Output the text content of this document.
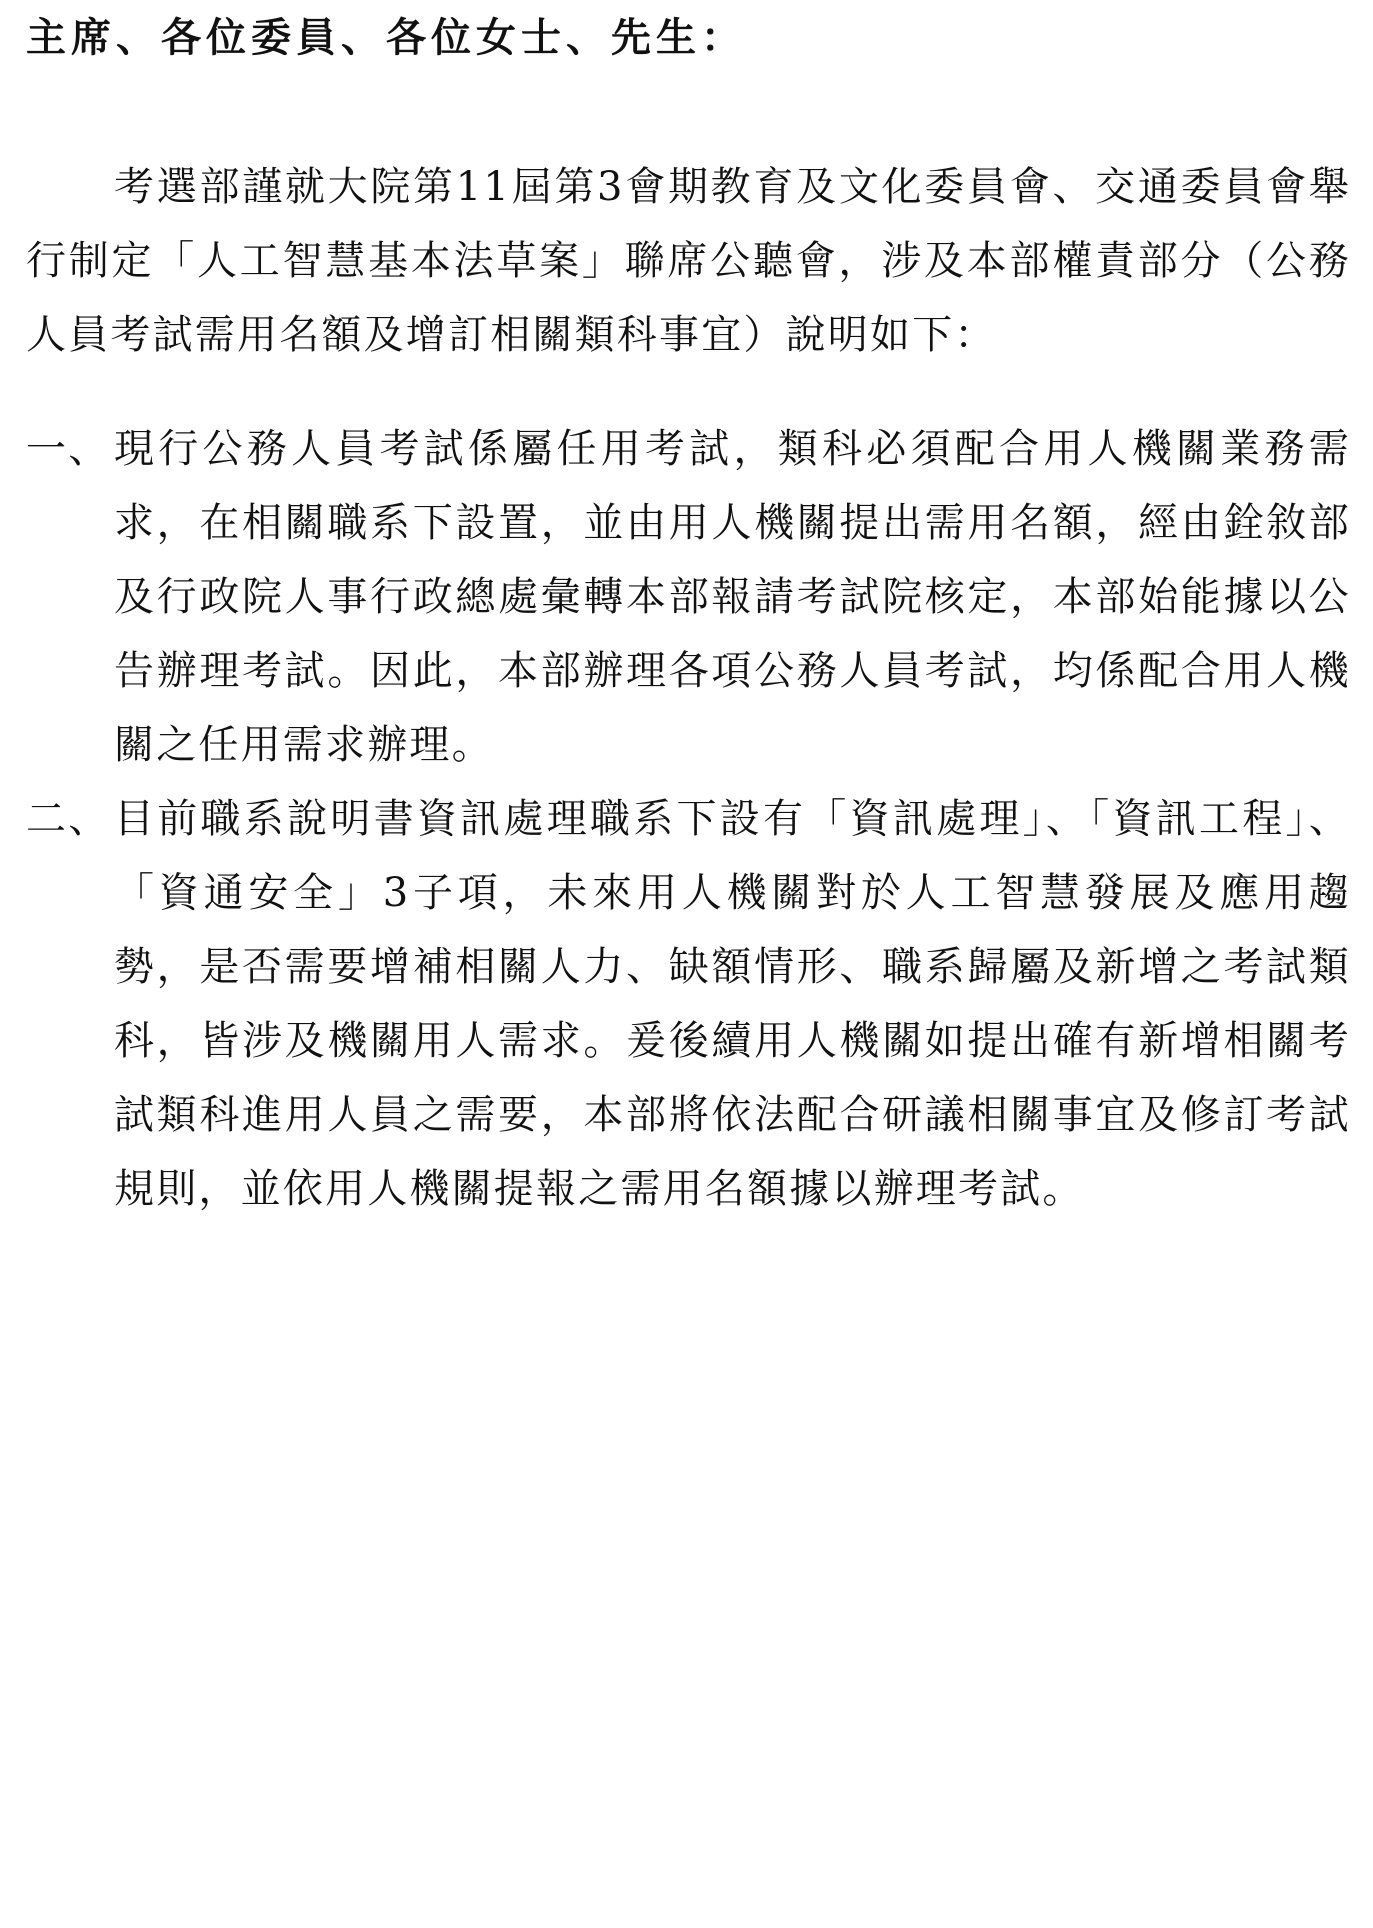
主席、各位委員、各位女士、先生：

考選部謹就大院第11屆第3會期教育及文化委員會、交通委員會舉行制定「人工智慧基本法草案」聯席公聽會，涉及本部權責部分（公務人員考試需用名額及增訂相關類科事宜）說明如下：

一、 現行公務人員考試係屬任用考試，類科必須配合用人機關業務需求，在相關職系下設置，並由用人機關提出需用名額，經由銓敘部及行政院人事行政總處彙轉本部報請考試院核定，本部始能據以公告辦理考試。因此，本部辦理各項公務人員考試，均係配合用人機關之任用需求辦理。
二、 目前職系說明書資訊處理職系下設有「資訊處理」、「資訊工程」、「資通安全」3子項，未來用人機關對於人工智慧發展及應用趨勢，是否需要增補相關人力、缺額情形、職系歸屬及新增之考試類科，皆涉及機關用人需求。爰後續用人機關如提出確有新增相關考試類科進用人員之需要，本部將依法配合研議相關事宜及修訂考試規則，並依用人機關提報之需用名額據以辦理考試。
